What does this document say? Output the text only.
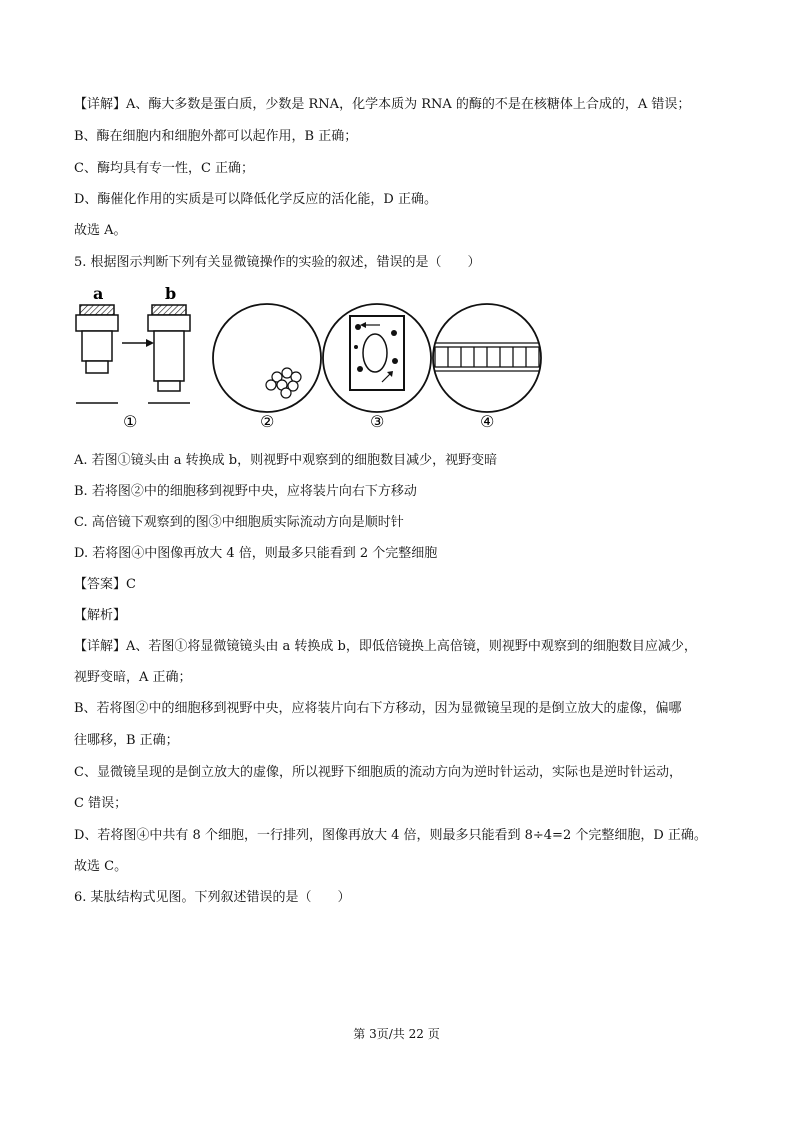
【详解】A、酶大多数是蛋白质，少数是 RNA，化学本质为 RNA 的酶的不是在核糖体上合成的，A 错误；
B、酶在细胞内和细胞外都可以起作用，B 正确；
C、酶均具有专一性，C 正确；
D、酶催化作用的实质是可以降低化学反应的活化能，D 正确。
故选 A。
5. 根据图示判断下列有关显微镜操作的实验的叙述，错误的是（　　）
a	b
①	②	③	④
A. 若图①镜头由 a 转换成 b，则视野中观察到的细胞数目减少，视野变暗
B. 若将图②中的细胞移到视野中央，应将装片向右下方移动
C. 高倍镜下观察到的图③中细胞质实际流动方向是顺时针
D. 若将图④中图像再放大 4 倍，则最多只能看到 2 个完整细胞
【答案】C
【解析】
【详解】A、若图①将显微镜镜头由 a 转换成 b，即低倍镜换上高倍镜，则视野中观察到的细胞数目应减少，
视野变暗，A 正确；
B、若将图②中的细胞移到视野中央，应将装片向右下方移动，因为显微镜呈现的是倒立放大的虚像，偏哪
往哪移，B 正确；
C、显微镜呈现的是倒立放大的虚像，所以视野下细胞质的流动方向为逆时针运动，实际也是逆时针运动，
C 错误；
D、若将图④中共有 8 个细胞，一行排列，图像再放大 4 倍，则最多只能看到 8÷4=2 个完整细胞，D 正确。
故选 C。
6. 某肽结构式见图。下列叙述错误的是（　　）
第 3页/共 22 页
